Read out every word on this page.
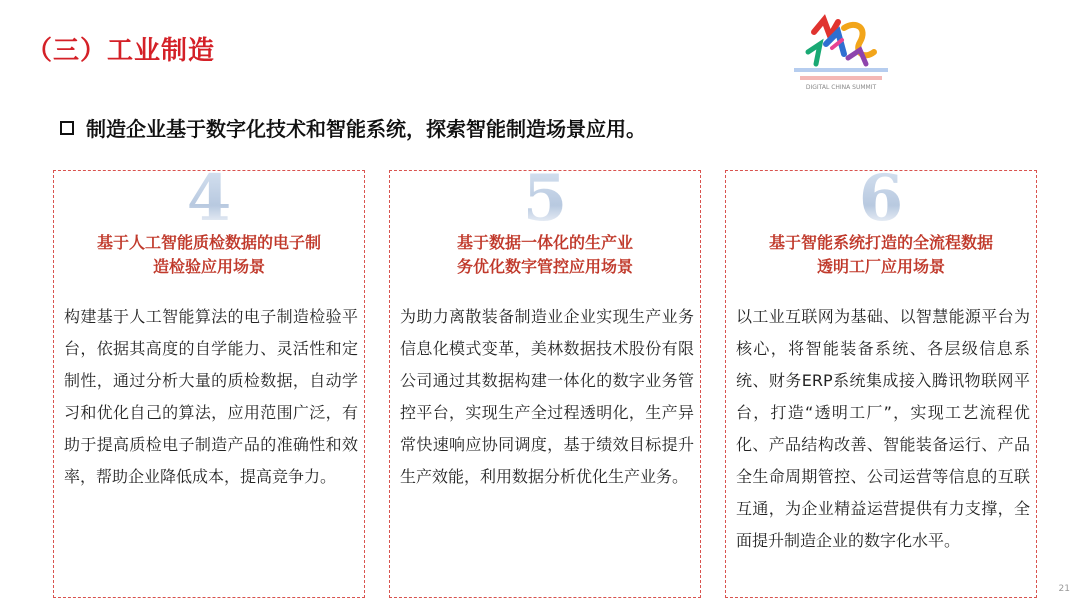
（三）工业制造
DIGITAL CHINA SUMMIT
制造企业基于数字化技术和智能系统，探索智能制造场景应用。
4
基于人工智能质检数据的电子制
造检验应用场景
构建基于人工智能算法的电子制造检验平台，依据其高度的自学能力、灵活性和定制性，通过分析大量的质检数据，自动学习和优化自己的算法，应用范围广泛，有助于提高质检电子制造产品的准确性和效率，帮助企业降低成本，提高竞争力。
5
基于数据一体化的生产业
务优化数字管控应用场景
为助力离散装备制造业企业实现生产业务信息化模式变革，美林数据技术股份有限公司通过其数据构建一体化的数字业务管控平台，实现生产全过程透明化，生产异常快速响应协同调度，基于绩效目标提升生产效能，利用数据分析优化生产业务。
6
基于智能系统打造的全流程数据
透明工厂应用场景
以工业互联网为基础、以智慧能源平台为核心，将智能装备系统、各层级信息系统、财务ERP系统集成接入腾讯物联网平台，打造“透明工厂”，实现工艺流程优化、产品结构改善、智能装备运行、产品全生命周期管控、公司运营等信息的互联互通，为企业精益运营提供有力支撑，全面提升制造企业的数字化水平。
21
